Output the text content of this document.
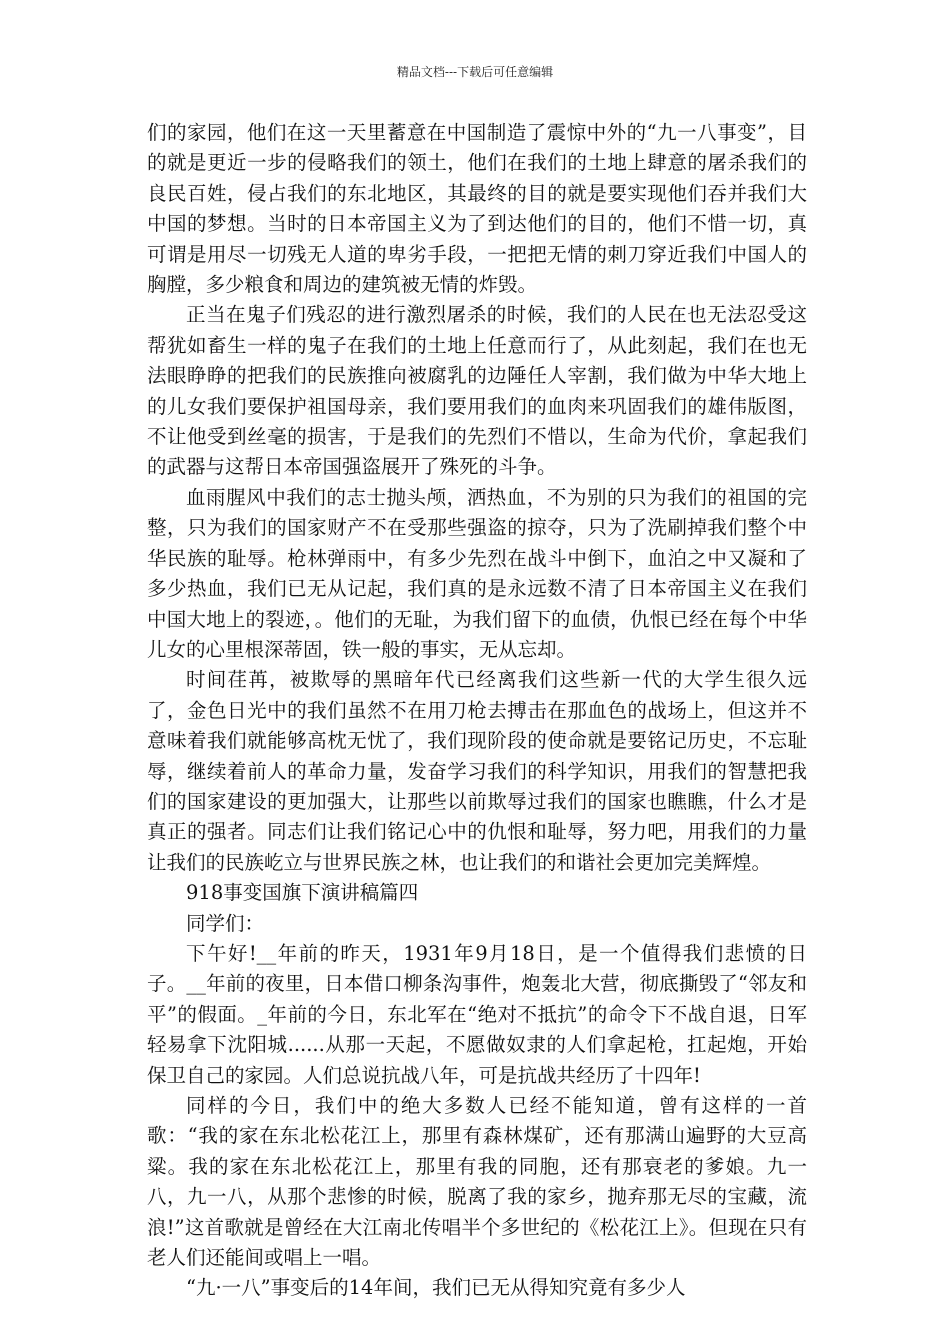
精品文档---下载后可任意编辑

们的家园，他们在这一天里蓄意在中国制造了震惊中外的“九一八事变”，目的就是更近一步的侵略我们的领土，他们在我们的土地上肆意的屠杀我们的良民百姓，侵占我们的东北地区，其最终的目的就是要实现他们吞并我们大中国的梦想。当时的日本帝国主义为了到达他们的目的，他们不惜一切，真可谓是用尽一切残无人道的卑劣手段，一把把无情的刺刀穿近我们中国人的胸膛，多少粮食和周边的建筑被无情的炸毁。

正当在鬼子们残忍的进行激烈屠杀的时候，我们的人民在也无法忍受这帮犹如畜生一样的鬼子在我们的土地上任意而行了，从此刻起，我们在也无法眼睁睁的把我们的民族推向被腐乳的边陲任人宰割，我们做为中华大地上的儿女我们要保护祖国母亲，我们要用我们的血肉来巩固我们的雄伟版图，不让他受到丝毫的损害，于是我们的先烈们不惜以，生命为代价，拿起我们的武器与这帮日本帝国强盗展开了殊死的斗争。

血雨腥风中我们的志士抛头颅，洒热血，不为别的只为我们的祖国的完整，只为我们的国家财产不在受那些强盗的掠夺，只为了洗刷掉我们整个中华民族的耻辱。枪林弹雨中，有多少先烈在战斗中倒下，血泊之中又凝和了多少热血，我们已无从记起，我们真的是永远数不清了日本帝国主义在我们中国大地上的裂迹，。他们的无耻，为我们留下的血债，仇恨已经在每个中华儿女的心里根深蒂固，铁一般的事实，无从忘却。

时间荏苒，被欺辱的黑暗年代已经离我们这些新一代的大学生很久远了，金色日光中的我们虽然不在用刀枪去搏击在那血色的战场上，但这并不意味着我们就能够高枕无忧了，我们现阶段的使命就是要铭记历史，不忘耻辱，继续着前人的革命力量，发奋学习我们的科学知识，用我们的智慧把我们的国家建设的更加强大，让那些以前欺辱过我们的国家也瞧瞧，什么才是真正的强者。同志们让我们铭记心中的仇恨和耻辱，努力吧，用我们的力量让我们的民族屹立与世界民族之林，也让我们的和谐社会更加完美辉煌。

918事变国旗下演讲稿篇四

同学们：

下午好!__年前的昨天，1931年9月18日，是一个值得我们悲愤的日子。__年前的夜里，日本借口柳条沟事件，炮轰北大营，彻底撕毁了“邻友和平”的假面。_年前的今日，东北军在“绝对不抵抗”的命令下不战自退，日军轻易拿下沈阳城......从那一天起，不愿做奴隶的人们拿起枪，扛起炮，开始保卫自己的家园。人们总说抗战八年，可是抗战共经历了十四年!

同样的今日，我们中的绝大多数人已经不能知道，曾有这样的一首歌：“我的家在东北松花江上，那里有森林煤矿，还有那满山遍野的大豆高粱。我的家在东北松花江上，那里有我的同胞，还有那衰老的爹娘。九一八，九一八，从那个悲惨的时候，脱离了我的家乡，抛弃那无尽的宝藏，流浪!”这首歌就是曾经在大江南北传唱半个多世纪的《松花江上》。但现在只有老人们还能间或唱上一唱。

“九·一八”事变后的14年间，我们已无从得知究竟有多少人
